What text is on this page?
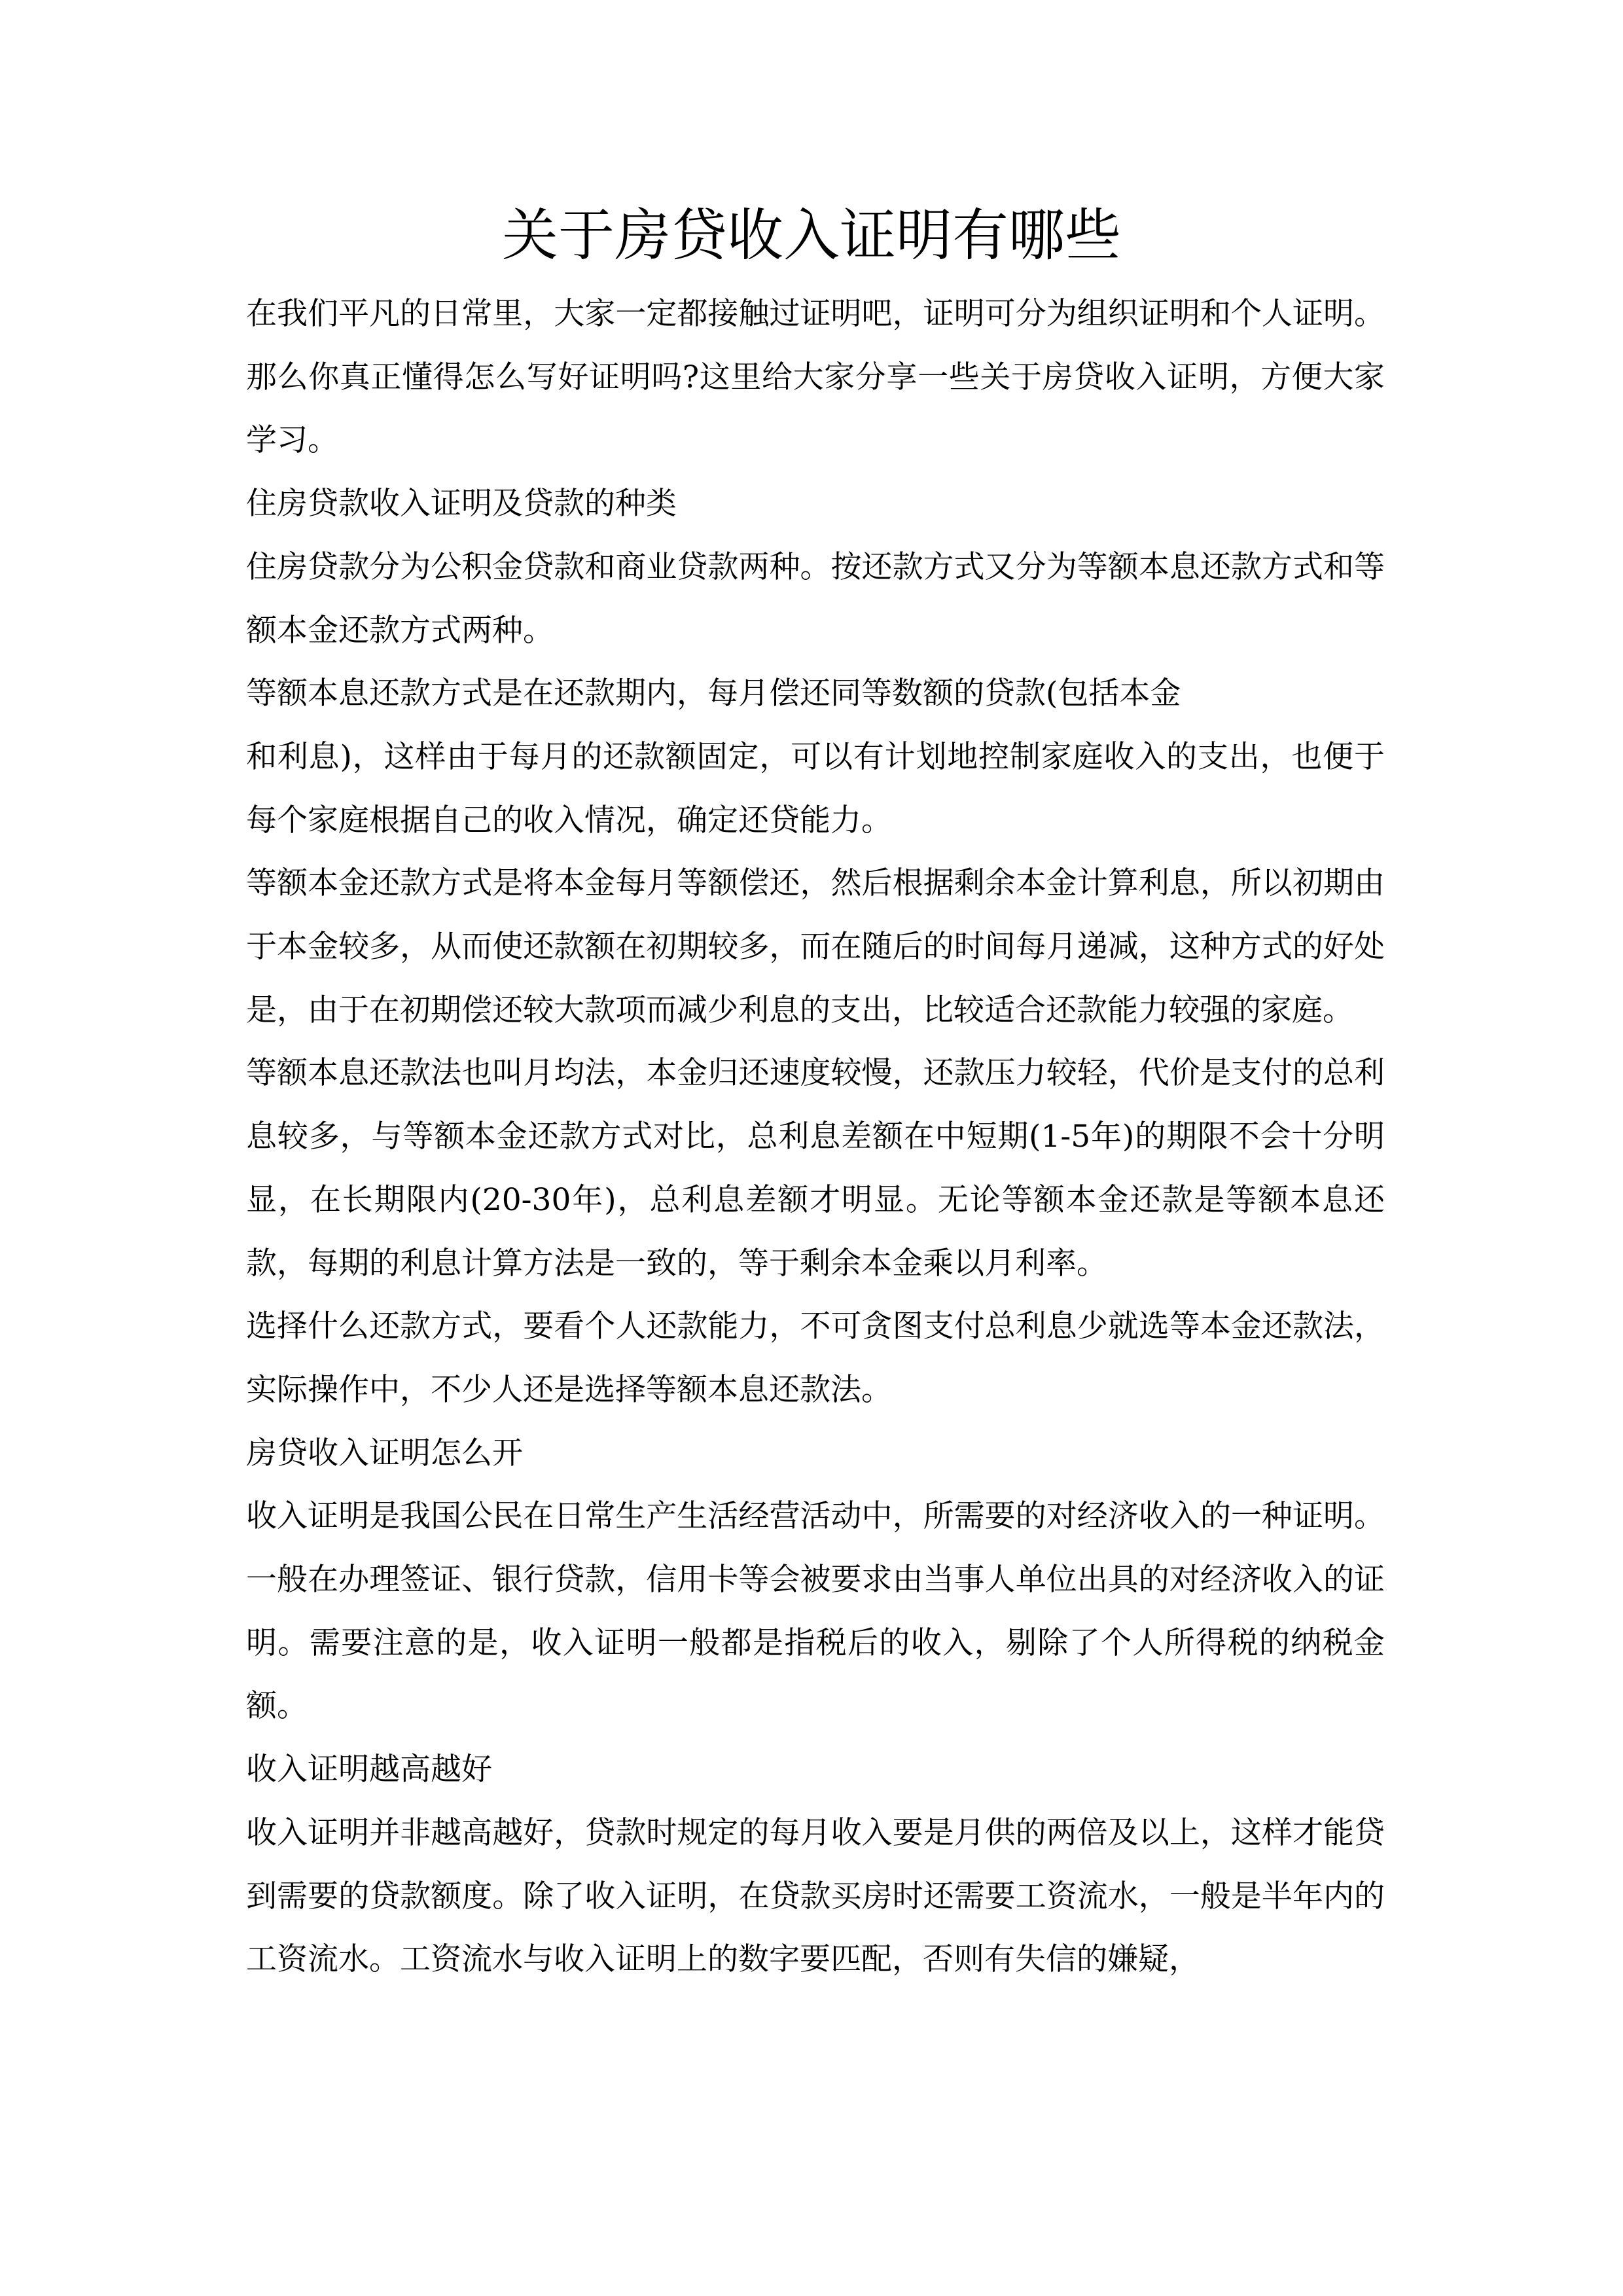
关于房贷收入证明有哪些

在我们平凡的日常里，大家一定都接触过证明吧，证明可分为组织证明和个人证明。那么你真正懂得怎么写好证明吗?这里给大家分享一些关于房贷收入证明，方便大家学习。

住房贷款收入证明及贷款的种类

住房贷款分为公积金贷款和商业贷款两种。按还款方式又分为等额本息还款方式和等额本金还款方式两种。

等额本息还款方式是在还款期内，每月偿还同等数额的贷款(包括本金

和利息)，这样由于每月的还款额固定，可以有计划地控制家庭收入的支出，也便于每个家庭根据自己的收入情况，确定还贷能力。

等额本金还款方式是将本金每月等额偿还，然后根据剩余本金计算利息，所以初期由于本金较多，从而使还款额在初期较多，而在随后的时间每月递减，这种方式的好处是，由于在初期偿还较大款项而减少利息的支出，比较适合还款能力较强的家庭。

等额本息还款法也叫月均法，本金归还速度较慢，还款压力较轻，代价是支付的总利息较多，与等额本金还款方式对比，总利息差额在中短期(1-5年)的期限不会十分明显，在长期限内(20-30年)，总利息差额才明显。无论等额本金还款是等额本息还款，每期的利息计算方法是一致的，等于剩余本金乘以月利率。

选择什么还款方式，要看个人还款能力，不可贪图支付总利息少就选等本金还款法，实际操作中，不少人还是选择等额本息还款法。

房贷收入证明怎么开

收入证明是我国公民在日常生产生活经营活动中，所需要的对经济收入的一种证明。一般在办理签证、银行贷款，信用卡等会被要求由当事人单位出具的对经济收入的证明。需要注意的是，收入证明一般都是指税后的收入，剔除了个人所得税的纳税金额。

收入证明越高越好

收入证明并非越高越好，贷款时规定的每月收入要是月供的两倍及以上，这样才能贷到需要的贷款额度。除了收入证明，在贷款买房时还需要工资流水，一般是半年内的工资流水。工资流水与收入证明上的数字要匹配，否则有失信的嫌疑，
